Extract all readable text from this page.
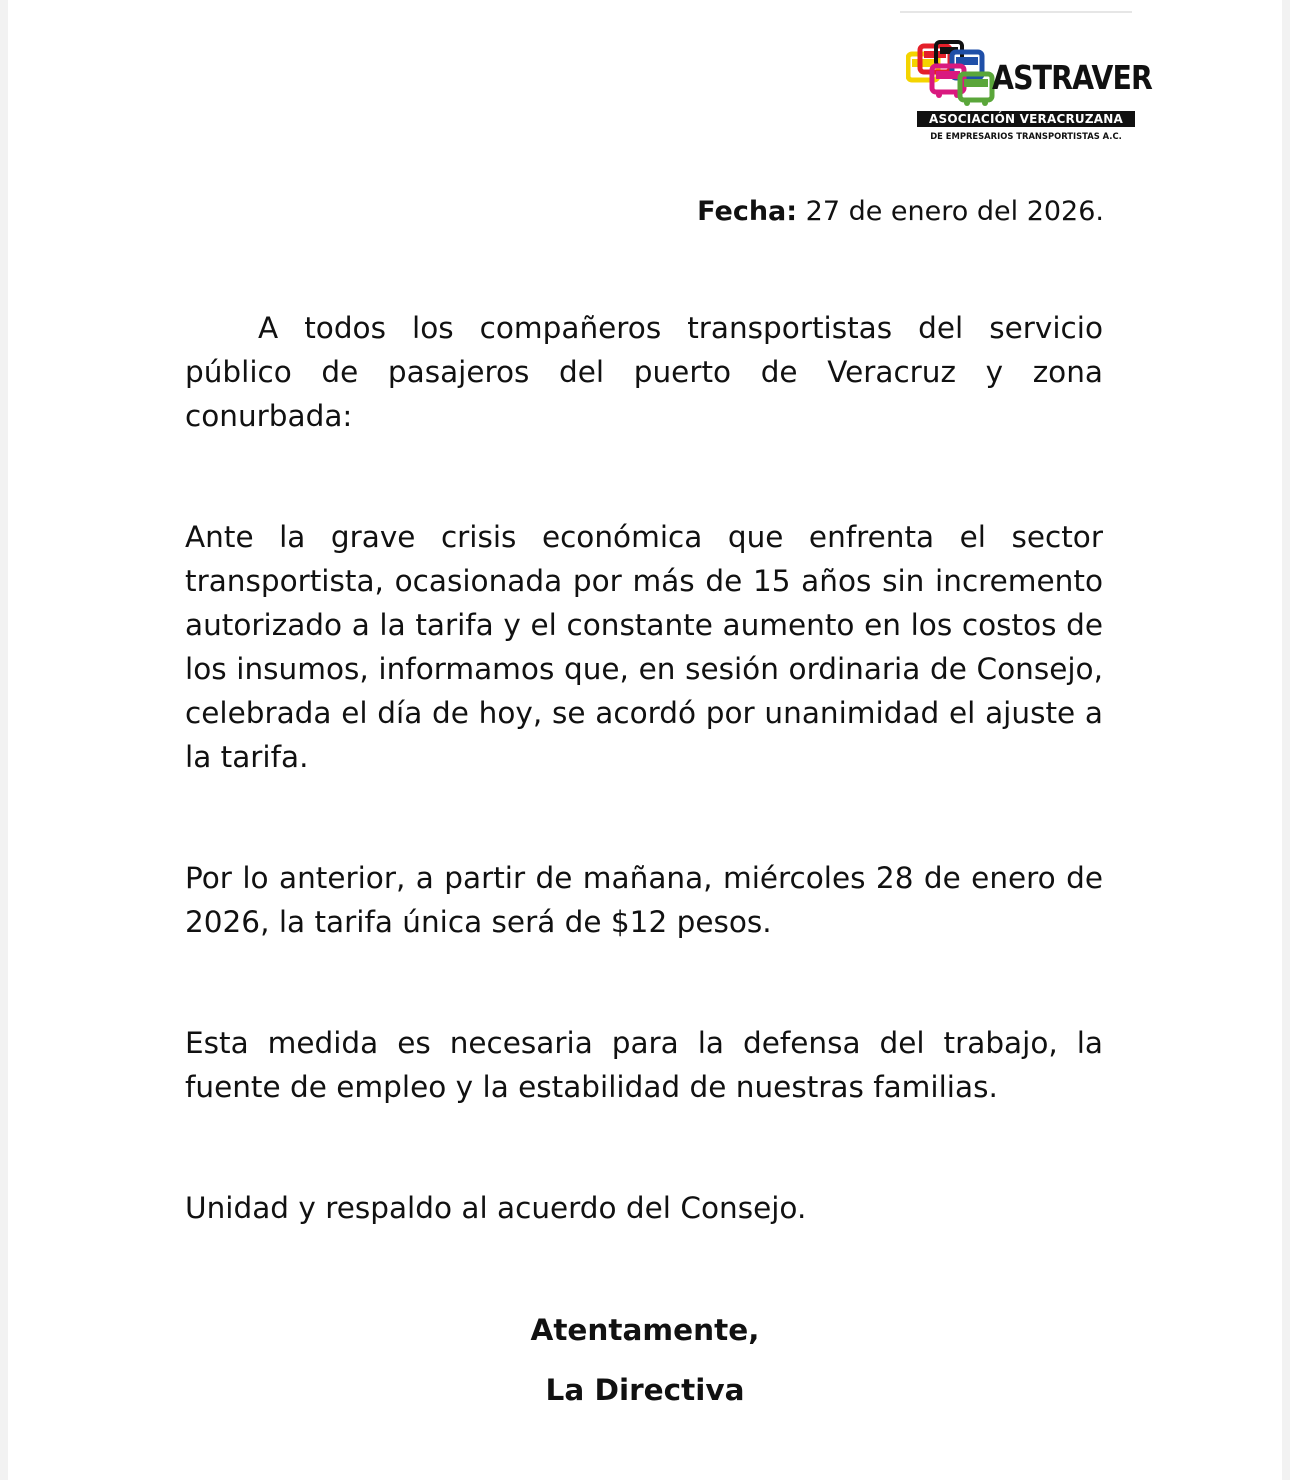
ASTRAVER
ASOCIACIÓN VERACRUZANA
DE EMPRESARIOS TRANSPORTISTAS A.C.
Fecha: 27 de enero del 2026.

A todos los compañeros transportistas del servicio público de pasajeros del puerto de Veracruz y zona conurbada:

Ante la grave crisis económica que enfrenta el sector transportista, ocasionada por más de 15 años sin incremento autorizado a la tarifa y el constante aumento en los costos de los insumos, informamos que, en sesión ordinaria de Consejo, celebrada el día de hoy, se acordó por unanimidad el ajuste a la tarifa.

Por lo anterior, a partir de mañana, miércoles 28 de enero de 2026, la tarifa única será de $12 pesos.

Esta medida es necesaria para la defensa del trabajo, la fuente de empleo y la estabilidad de nuestras familias.

Unidad y respaldo al acuerdo del Consejo.

Atentamente,
La Directiva
